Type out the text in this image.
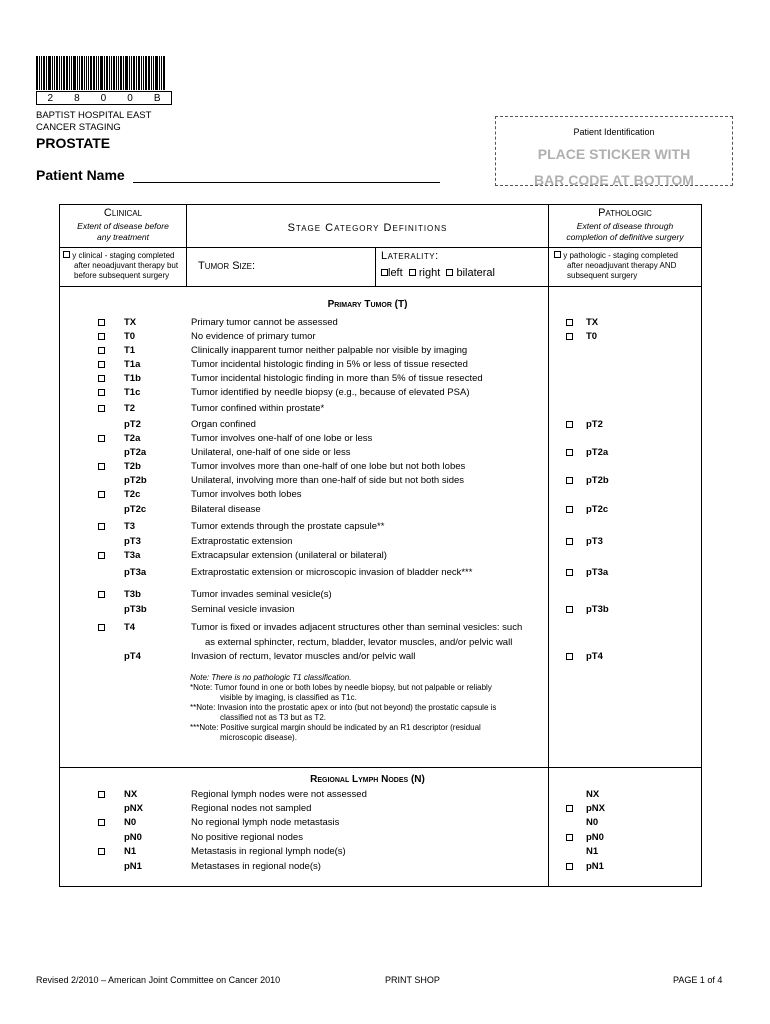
2 8 0 0 B
BAPTIST HOSPITAL EAST
CANCER STAGING
PROSTATE
Patient Name
Patient Identification
PLACE STICKER WITH
BAR CODE AT BOTTOM
Clinical
Extent of disease before
any treatment
y clinical - staging completed
after neoadjuvant therapy but
before subsequent surgery
Stage Category Definitions
Tumor Size:
Laterality:
left right bilateral
Pathologic
Extent of disease through
completion of definitive surgery
y pathologic - staging completed
after neoadjuvant therapy AND
subsequent surgery
Primary Tumor (T)
TX	Primary tumor cannot be assessed	TX
T0	No evidence of primary tumor	T0
T1	Clinically inapparent tumor neither palpable nor visible by imaging
T1a	Tumor incidental histologic finding in 5% or less of tissue resected
T1b	Tumor incidental histologic finding in more than 5% of tissue resected
T1c	Tumor identified by needle biopsy (e.g., because of elevated PSA)
T2	Tumor confined within prostate*
pT2	Organ confined	pT2
T2a	Tumor involves one-half of one lobe or less
pT2a	Unilateral, one-half of one side or less	pT2a
T2b	Tumor involves more than one-half of one lobe but not both lobes
pT2b	Unilateral, involving more than one-half of side but not both sides	pT2b
T2c	Tumor involves both lobes
pT2c	Bilateral disease	pT2c
T3	Tumor extends through the prostate capsule**
pT3	Extraprostatic extension	pT3
T3a	Extracapsular extension (unilateral or bilateral)
pT3a	Extraprostatic extension or microscopic invasion of bladder neck***	pT3a
T3b	Tumor invades seminal vesicle(s)
pT3b	Seminal vesicle invasion	pT3b
T4	Tumor is fixed or invades adjacent structures other than seminal vesicles: such
as external sphincter, rectum, bladder, levator muscles, and/or pelvic wall
pT4	Invasion of rectum, levator muscles and/or pelvic wall	pT4
Note: There is no pathologic T1 classification.
*Note: Tumor found in one or both lobes by needle biopsy, but not palpable or reliably
visible by imaging, is classified as T1c.
**Note: Invasion into the prostatic apex or into (but not beyond) the prostatic capsule is
classified not as T3 but as T2.
***Note: Positive surgical margin should be indicated by an R1 descriptor (residual
microscopic disease).
Regional Lymph Nodes (N)
NX	Regional lymph nodes were not assessed	NX
pNX	Regional nodes not sampled	pNX
N0	No regional lymph node metastasis	N0
pN0	No positive regional nodes	pN0
N1	Metastasis in regional lymph node(s)	N1
pN1	Metastases in regional node(s)	pN1
Revised 2/2010 – American Joint Committee on Cancer 2010	PRINT SHOP	PAGE 1 of 4
